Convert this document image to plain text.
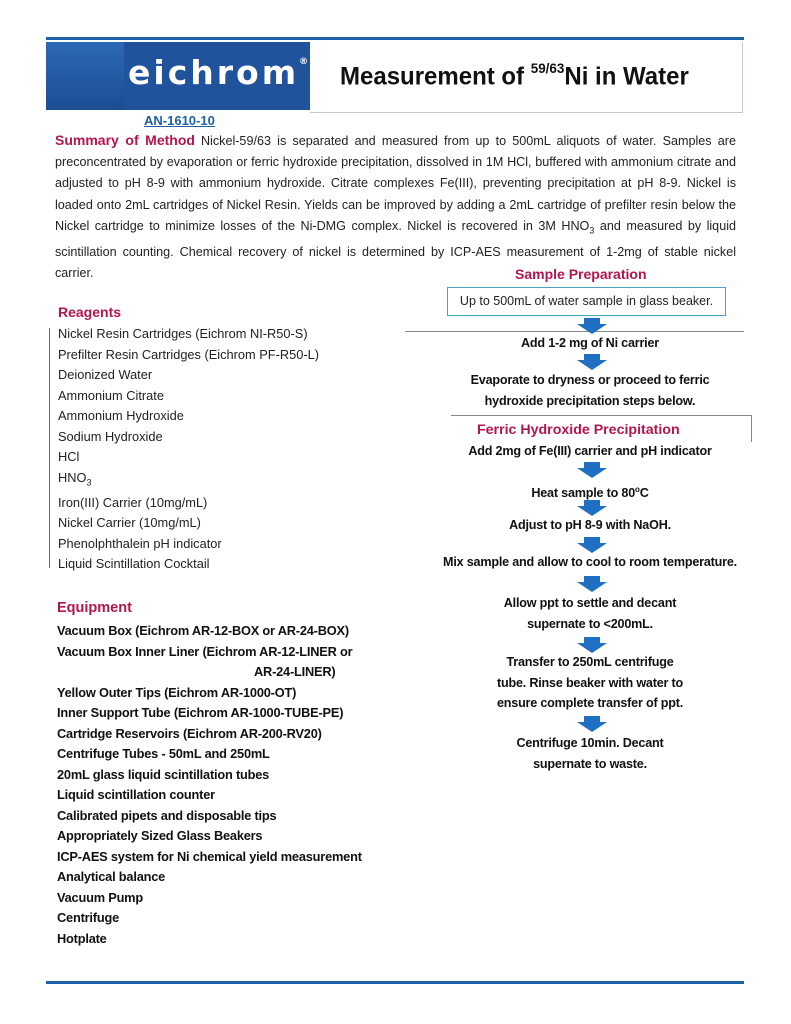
eichrom®
Measurement of $^{59/63}$Ni in Water
AN-1610-10
Summary of Method Nickel-59/63 is separated and measured from up to 500mL aliquots of water. Samples are preconcentrated by evaporation or ferric hydroxide precipitation, dissolved in 1M HCl, buffered with ammonium citrate and adjusted to pH 8-9 with ammonium hydroxide. Citrate complexes Fe(III), preventing precipitation at pH 8-9. Nickel is loaded onto 2mL cartridges of Nickel Resin. Yields can be improved by adding a 2mL cartridge of prefilter resin below the Nickel cartridge to minimize losses of the Ni-DMG complex. Nickel is recovered in 3M $HNO_3$ and measured by liquid scintillation counting. Chemical recovery of nickel is determined by ICP-AES measurement of 1-2mg of stable nickel carrier.
Reagents
Nickel Resin Cartridges (Eichrom NI-R50-S)
Prefilter Resin Cartridges (Eichrom PF-R50-L)
Deionized Water
Ammonium Citrate
Ammonium Hydroxide
Sodium Hydroxide
HCl
$HNO_3$
Iron(III) Carrier (10mg/mL)
Nickel Carrier (10mg/mL)
Phenolphthalein pH indicator
Liquid Scintillation Cocktail
Equipment
Vacuum Box (Eichrom AR-12-BOX or AR-24-BOX)
Vacuum Box Inner Liner (Eichrom AR-12-LINER or
AR-24-LINER)
Yellow Outer Tips (Eichrom AR-1000-OT)
Inner Support Tube (Eichrom AR-1000-TUBE-PE)
Cartridge Reservoirs (Eichrom AR-200-RV20)
Centrifuge Tubes - 50mL and 250mL
20mL glass liquid scintillation tubes
Liquid scintillation counter
Calibrated pipets and disposable tips
Appropriately Sized Glass Beakers
ICP-AES system for Ni chemical yield measurement
Analytical balance
Vacuum Pump
Centrifuge
Hotplate
Sample Preparation
Up to 500mL of water sample in glass beaker.
Add 1-2 mg of Ni carrier
Evaporate to dryness or proceed to ferric
hydroxide precipitation steps below.
Ferric Hydroxide Precipitation
Add 2mg of Fe(III) carrier and pH indicator
Heat sample to 80$^o$C
Adjust to pH 8-9 with NaOH.
Mix sample and allow to cool to room temperature.
Allow ppt to settle and decant
supernate to <200mL.
Transfer to 250mL centrifuge
tube. Rinse beaker with water to
ensure complete transfer of ppt.
Centrifuge 10min. Decant
supernate to waste.
